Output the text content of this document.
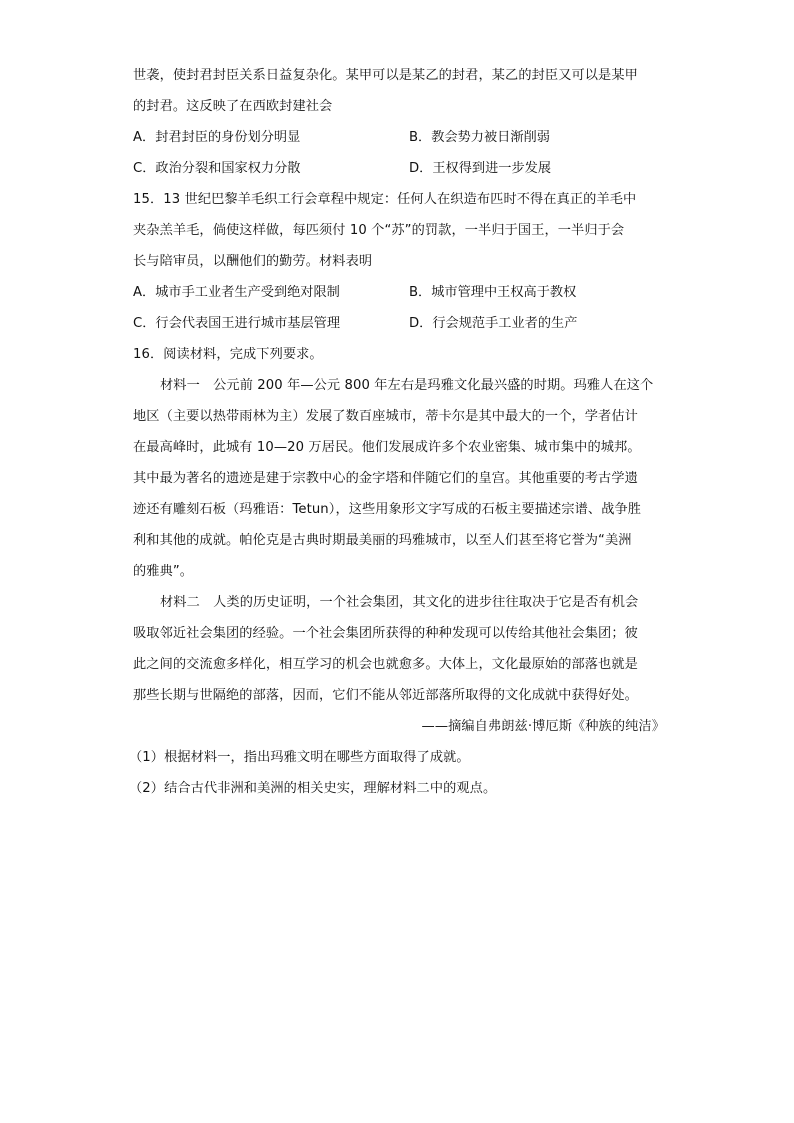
世袭，使封君封臣关系日益复杂化。某甲可以是某乙的封君，某乙的封臣又可以是某甲
的封君。这反映了在西欧封建社会
A．封君封臣的身份划分明显	B．教会势力被日渐削弱
C．政治分裂和国家权力分散	D．王权得到进一步发展
15．13 世纪巴黎羊毛织工行会章程中规定：任何人在织造布匹时不得在真正的羊毛中
夹杂羔羊毛，倘使这样做，每匹须付 10 个“苏”的罚款，一半归于国王，一半归于会
长与陪审员，以酬他们的勤劳。材料表明
A．城市手工业者生产受到绝对限制	B．城市管理中王权高于教权
C．行会代表国王进行城市基层管理	D．行会规范手工业者的生产
16．阅读材料，完成下列要求。
材料一　公元前 200 年—公元 800 年左右是玛雅文化最兴盛的时期。玛雅人在这个
地区（主要以热带雨林为主）发展了数百座城市，蒂卡尔是其中最大的一个，学者估计
在最高峰时，此城有 10—20 万居民。他们发展成许多个农业密集、城市集中的城邦。
其中最为著名的遗迹是建于宗教中心的金字塔和伴随它们的皇宫。其他重要的考古学遗
迹还有雕刻石板（玛雅语：Tetun），这些用象形文字写成的石板主要描述宗谱、战争胜
利和其他的成就。帕伦克是古典时期最美丽的玛雅城市，以至人们甚至将它誉为“美洲
的雅典”。
材料二　人类的历史证明，一个社会集团，其文化的进步往往取决于它是否有机会
吸取邻近社会集团的经验。一个社会集团所获得的种种发现可以传给其他社会集团；彼
此之间的交流愈多样化，相互学习的机会也就愈多。大体上，文化最原始的部落也就是
那些长期与世隔绝的部落，因而，它们不能从邻近部落所取得的文化成就中获得好处。
——摘编自弗朗兹·博厄斯《种族的纯洁》
（1）根据材料一，指出玛雅文明在哪些方面取得了成就。
（2）结合古代非洲和美洲的相关史实，理解材料二中的观点。
